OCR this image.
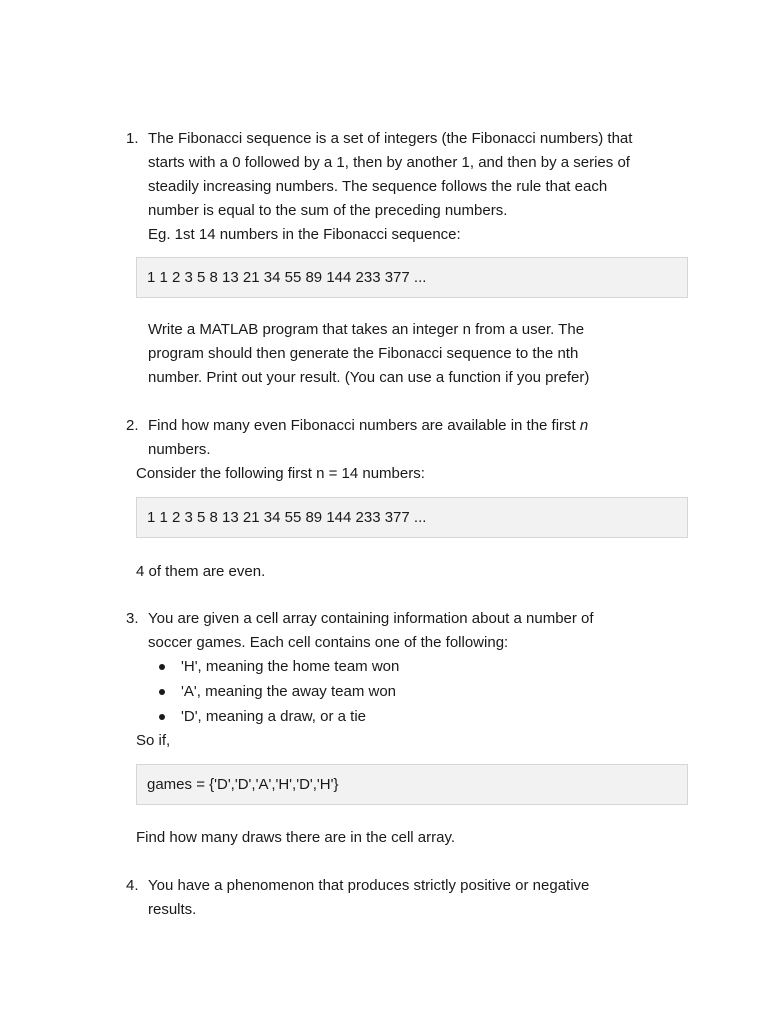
1. The Fibonacci sequence is a set of integers (the Fibonacci numbers) that
starts with a 0 followed by a 1, then by another 1, and then by a series of
steadily increasing numbers. The sequence follows the rule that each
number is equal to the sum of the preceding numbers.
Eg. 1st 14 numbers in the Fibonacci sequence:
1 1 2 3 5 8 13 21 34 55 89 144 233 377 ...
Write a MATLAB program that takes an integer n from a user. The
program should then generate the Fibonacci sequence to the nth
number. Print out your result. (You can use a function if you prefer)
2. Find how many even Fibonacci numbers are available in the first n
numbers.
Consider the following first n = 14 numbers:
1 1 2 3 5 8 13 21 34 55 89 144 233 377 ...
4 of them are even.
3. You are given a cell array containing information about a number of
soccer games. Each cell contains one of the following:
'H', meaning the home team won
'A', meaning the away team won
'D', meaning a draw, or a tie
So if,
games = {'D','D','A','H','D','H'}
Find how many draws there are in the cell array.
4. You have a phenomenon that produces strictly positive or negative
results.
